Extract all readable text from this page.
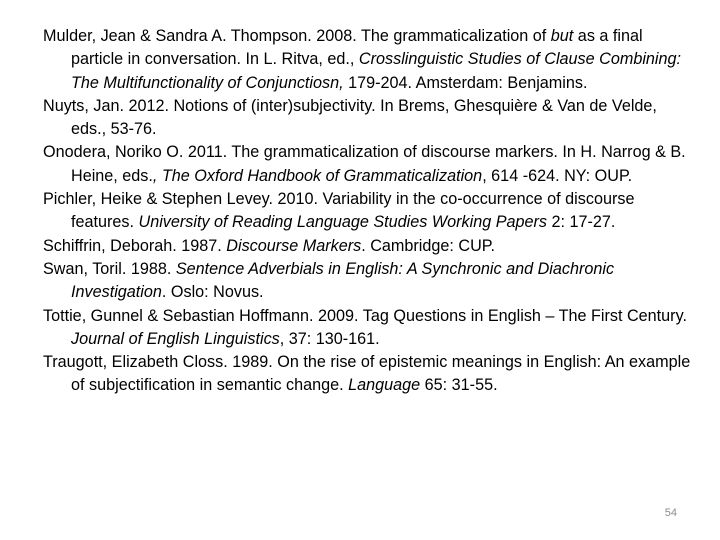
Mulder, Jean & Sandra A. Thompson. 2008. The grammaticalization of but as a final particle in conversation. In L. Ritva, ed., Crosslinguistic Studies of Clause Combining: The Multifunctionality of Conjunctiosn, 179-204. Amsterdam: Benjamins.
Nuyts, Jan. 2012. Notions of (inter)subjectivity. In Brems, Ghesquière & Van de Velde, eds., 53-76.
Onodera, Noriko O. 2011. The grammaticalization of discourse markers. In H. Narrog & B. Heine, eds., The Oxford Handbook of Grammaticalization, 614 -624. NY: OUP.
Pichler, Heike & Stephen Levey. 2010. Variability in the co-occurrence of discourse features. University of Reading Language Studies Working Papers 2: 17-27.
Schiffrin, Deborah. 1987. Discourse Markers. Cambridge: CUP.
Swan, Toril. 1988. Sentence Adverbials in English: A Synchronic and Diachronic Investigation. Oslo: Novus.
Tottie, Gunnel & Sebastian Hoffmann. 2009. Tag Questions in English – The First Century. Journal of English Linguistics, 37: 130-161.
Traugott, Elizabeth Closs. 1989. On the rise of epistemic meanings in English: An example of subjectification in semantic change. Language 65: 31-55.
54
